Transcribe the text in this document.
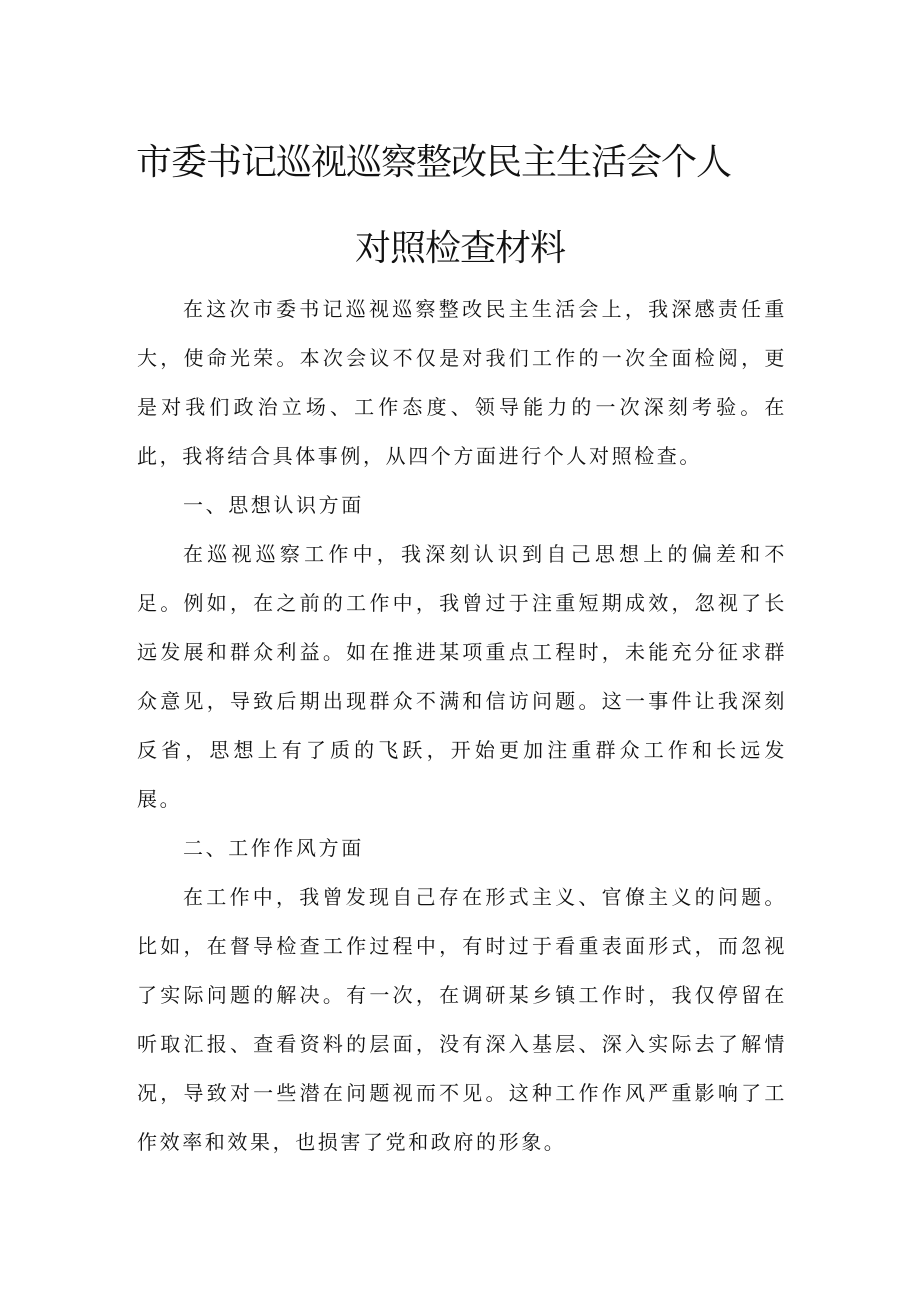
市委书记巡视巡察整改民主生活会个人
对照检查材料

在这次市委书记巡视巡察整改民主生活会上，我深感责任重大，使命光荣。本次会议不仅是对我们工作的一次全面检阅，更是对我们政治立场、工作态度、领导能力的一次深刻考验。在此，我将结合具体事例，从四个方面进行个人对照检查。

一、思想认识方面

在巡视巡察工作中，我深刻认识到自己思想上的偏差和不足。例如，在之前的工作中，我曾过于注重短期成效，忽视了长远发展和群众利益。如在推进某项重点工程时，未能充分征求群众意见，导致后期出现群众不满和信访问题。这一事件让我深刻反省，思想上有了质的飞跃，开始更加注重群众工作和长远发展。

二、工作作风方面

在工作中，我曾发现自己存在形式主义、官僚主义的问题。比如，在督导检查工作过程中，有时过于看重表面形式，而忽视了实际问题的解决。有一次，在调研某乡镇工作时，我仅停留在听取汇报、查看资料的层面，没有深入基层、深入实际去了解情况，导致对一些潜在问题视而不见。这种工作作风严重影响了工作效率和效果，也损害了党和政府的形象。
